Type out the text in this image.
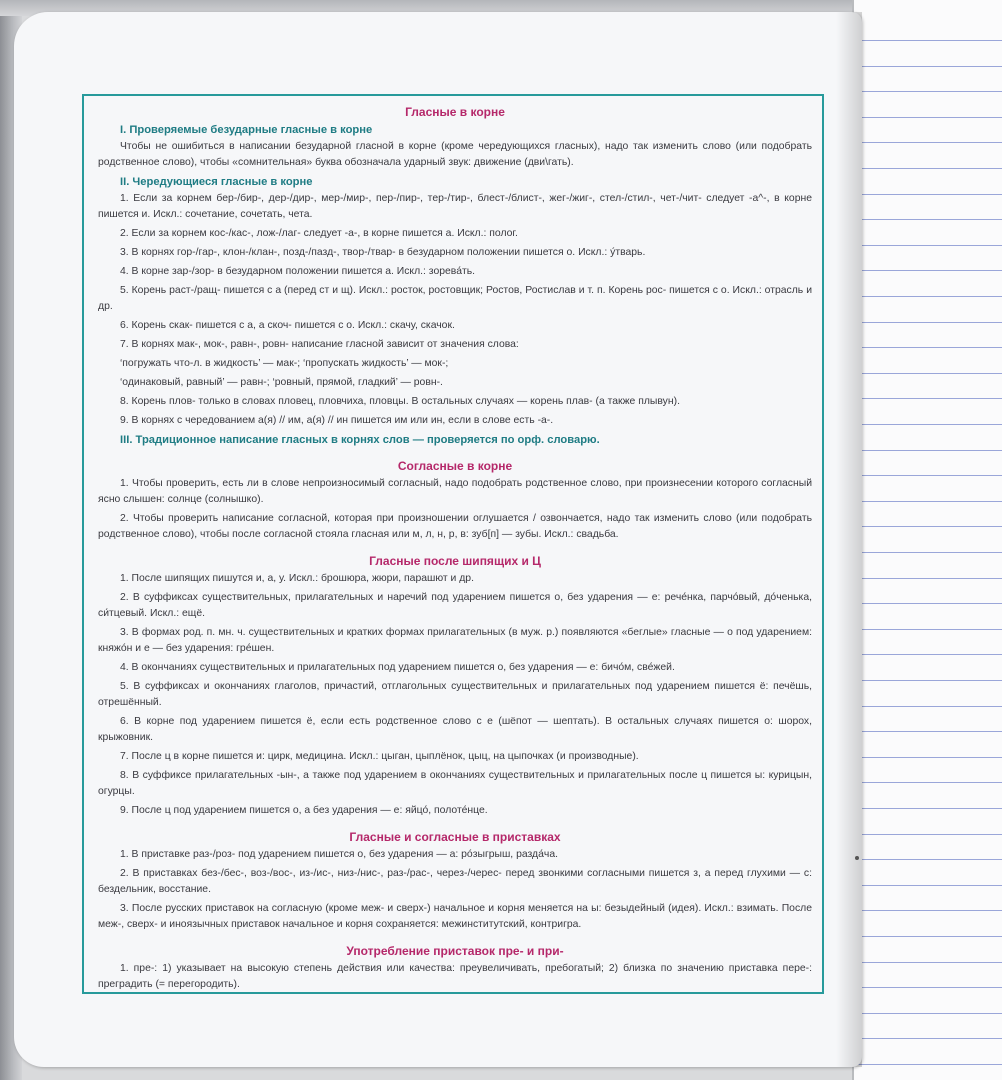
Гласные в корне
I. Проверяемые безударные гласные в корне

Чтобы не ошибиться в написании безударной гласной в корне (кроме чередующихся гласных), надо так изменить слово (или подобрать родственное слово), чтобы «сомнительная» буква обозначала ударный звук: движение (дви\гать).

II. Чередующиеся гласные в корне

1. Если за корнем бер-/бир-, дер-/дир-, мер-/мир-, пер-/пир-, тер-/тир-, блест-/блист-, жег-/жиг-, стел-/стил-, чет-/чит- следует -а^-, в корне пишется и. Искл.: сочетание, сочетать, чета.

2. Если за корнем кос-/кас-, лож-/лаг- следует -а-, в корне пишется а. Искл.: полог.

3. В корнях гор-/гар-, клон-/клан-, позд-/пазд-, твор-/твар- в безударном положении пишется о. Искл.: у́тварь.

4. В корне зар-/зор- в безударном положении пишется а. Искл.: зорева́ть.

5. Корень раст-/ращ- пишется с а (перед ст и щ). Искл.: росток, ростовщик; Ростов, Ростислав и т. п. Корень рос- пишется с о. Искл.: отрасль и др.

6. Корень скак- пишется с а, а скоч- пишется с о. Искл.: скачу, скачок.

7. В корнях мак-, мок-, равн-, ровн- написание гласной зависит от значения слова:

‘погружать что-л. в жидкость’ — мак-; ‘пропускать жидкость’ — мок-;

‘одинаковый, равный’ — равн-; ‘ровный, прямой, гладкий’ — ровн-.

8. Корень плов- только в словах пловец, пловчиха, пловцы. В остальных случаях — корень плав- (а также плывун).

9. В корнях с чередованием а(я) // им, а(я) // ин пишется им или ин, если в слове есть -а-.

III. Традиционное написание гласных в корнях слов — проверяется по орф. словарю.
Согласные в корне

1. Чтобы проверить, есть ли в слове непроизносимый согласный, надо подобрать родственное слово, при произнесении которого согласный ясно слышен: солнце (солнышко).

2. Чтобы проверить написание согласной, которая при произношении оглушается / озвончается, надо так изменить слово (или подобрать родственное слово), чтобы после согласной стояла гласная или м, л, н, р, в: зуб[п] — зубы. Искл.: свадьба.

Гласные после шипящих и Ц

1. После шипящих пишутся и, а, у. Искл.: брошюра, жюри, парашют и др.

2. В суффиксах существительных, прилагательных и наречий под ударением пишется о, без ударения — е: рече́нка, парчо́вый, до́ченька, си́тцевый. Искл.: ещё.

3. В формах род. п. мн. ч. существительных и кратких формах прилагательных (в муж. р.) появляются «беглые» гласные — о под ударением: княжо́н и е — без ударения: гре́шен.

4. В окончаниях существительных и прилагательных под ударением пишется о, без ударения — е: бичо́м, све́жей.

5. В суффиксах и окончаниях глаголов, причастий, отглагольных существительных и прилагательных под ударением пишется ё: печёшь, отрешённый.

6. В корне под ударением пишется ё, если есть родственное слово с е (шёпот — шептать). В остальных случаях пишется о: шорох, крыжовник.

7. После ц в корне пишется и: цирк, медицина. Искл.: цыган, цыплёнок, цыц, на цыпочках (и производные).

8. В суффиксе прилагательных -ын-, а также под ударением в окончаниях существительных и прилагательных после ц пишется ы: курицын, огурцы.

9. После ц под ударением пишется о, а без ударения — е: яйцо́, полоте́нце.

Гласные и согласные в приставках

1. В приставке раз-/роз- под ударением пишется о, без ударения — а: ро́зыгрыш, разда́ча.

2. В приставках без-/бес-, воз-/вос-, из-/ис-, низ-/нис-, раз-/рас-, через-/черес- перед звонкими согласными пишется з, а перед глухими — с: бездельник, восстание.

3. После русских приставок на согласную (кроме меж- и сверх-) начальное и корня меняется на ы: безыдейный (идея). Искл.: взимать. После меж-, сверх- и иноязычных приставок начальное и корня сохраняется: межинститутский, контригра.

Употребление приставок пре- и при-

1. пре-: 1) указывает на высокую степень действия или качества: преувеличивать, пребогатый; 2) близка по значению приставка пере-: преградить (= перегородить).
